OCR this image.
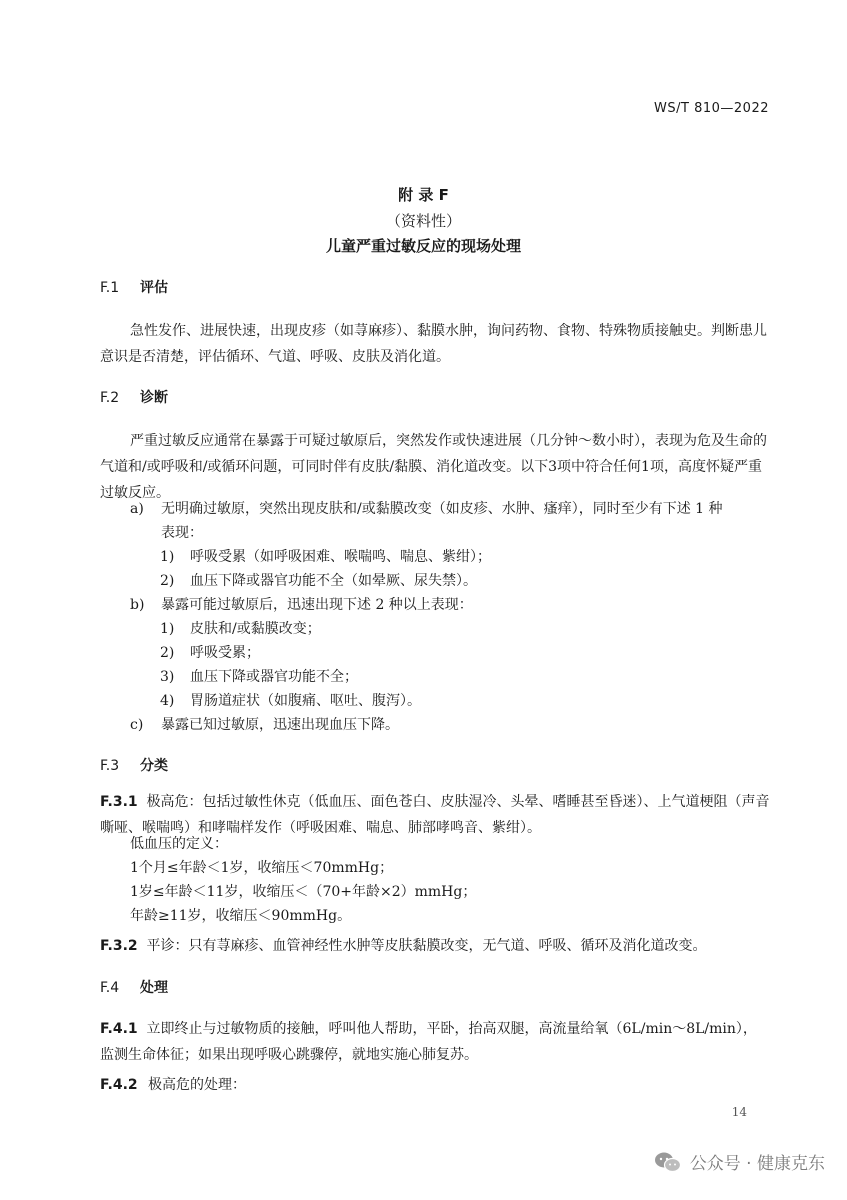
WS/T 810—2022
附 录 F
（资料性）
儿童严重过敏反应的现场处理
F.1 评估
急性发作、进展快速，出现皮疹（如荨麻疹）、黏膜水肿，询问药物、食物、特殊物质接触史。判断患儿意识是否清楚，评估循环、气道、呼吸、皮肤及消化道。
F.2 诊断
严重过敏反应通常在暴露于可疑过敏原后，突然发作或快速进展（几分钟～数小时），表现为危及生命的气道和/或呼吸和/或循环问题，可同时伴有皮肤/黏膜、消化道改变。以下3项中符合任何1项，高度怀疑严重过敏反应。
a) 无明确过敏原，突然出现皮肤和/或黏膜改变（如皮疹、水肿、瘙痒），同时至少有下述 1 种
表现：
1) 呼吸受累（如呼吸困难、喉喘鸣、喘息、紫绀）；
2) 血压下降或器官功能不全（如晕厥、尿失禁）。
b) 暴露可能过敏原后，迅速出现下述 2 种以上表现：
1) 皮肤和/或黏膜改变；
2) 呼吸受累；
3) 血压下降或器官功能不全；
4) 胃肠道症状（如腹痛、呕吐、腹泻）。
c) 暴露已知过敏原，迅速出现血压下降。
F.3 分类
F.3.1 极高危：包括过敏性休克（低血压、面色苍白、皮肤湿冷、头晕、嗜睡甚至昏迷）、上气道梗阻（声音嘶哑、喉喘鸣）和哮喘样发作（呼吸困难、喘息、肺部哮鸣音、紫绀）。
低血压的定义：
1个月≤年龄＜1岁，收缩压＜70mmHg；
1岁≤年龄＜11岁，收缩压＜（70+年龄×2）mmHg；
年龄≥11岁，收缩压＜90mmHg。
F.3.2 平诊：只有荨麻疹、血管神经性水肿等皮肤黏膜改变，无气道、呼吸、循环及消化道改变。
F.4 处理
F.4.1 立即终止与过敏物质的接触，呼叫他人帮助，平卧，抬高双腿，高流量给氧（6L/min～8L/min），监测生命体征；如果出现呼吸心跳骤停，就地实施心肺复苏。
F.4.2 极高危的处理：
14
公众号 · 健康克东
